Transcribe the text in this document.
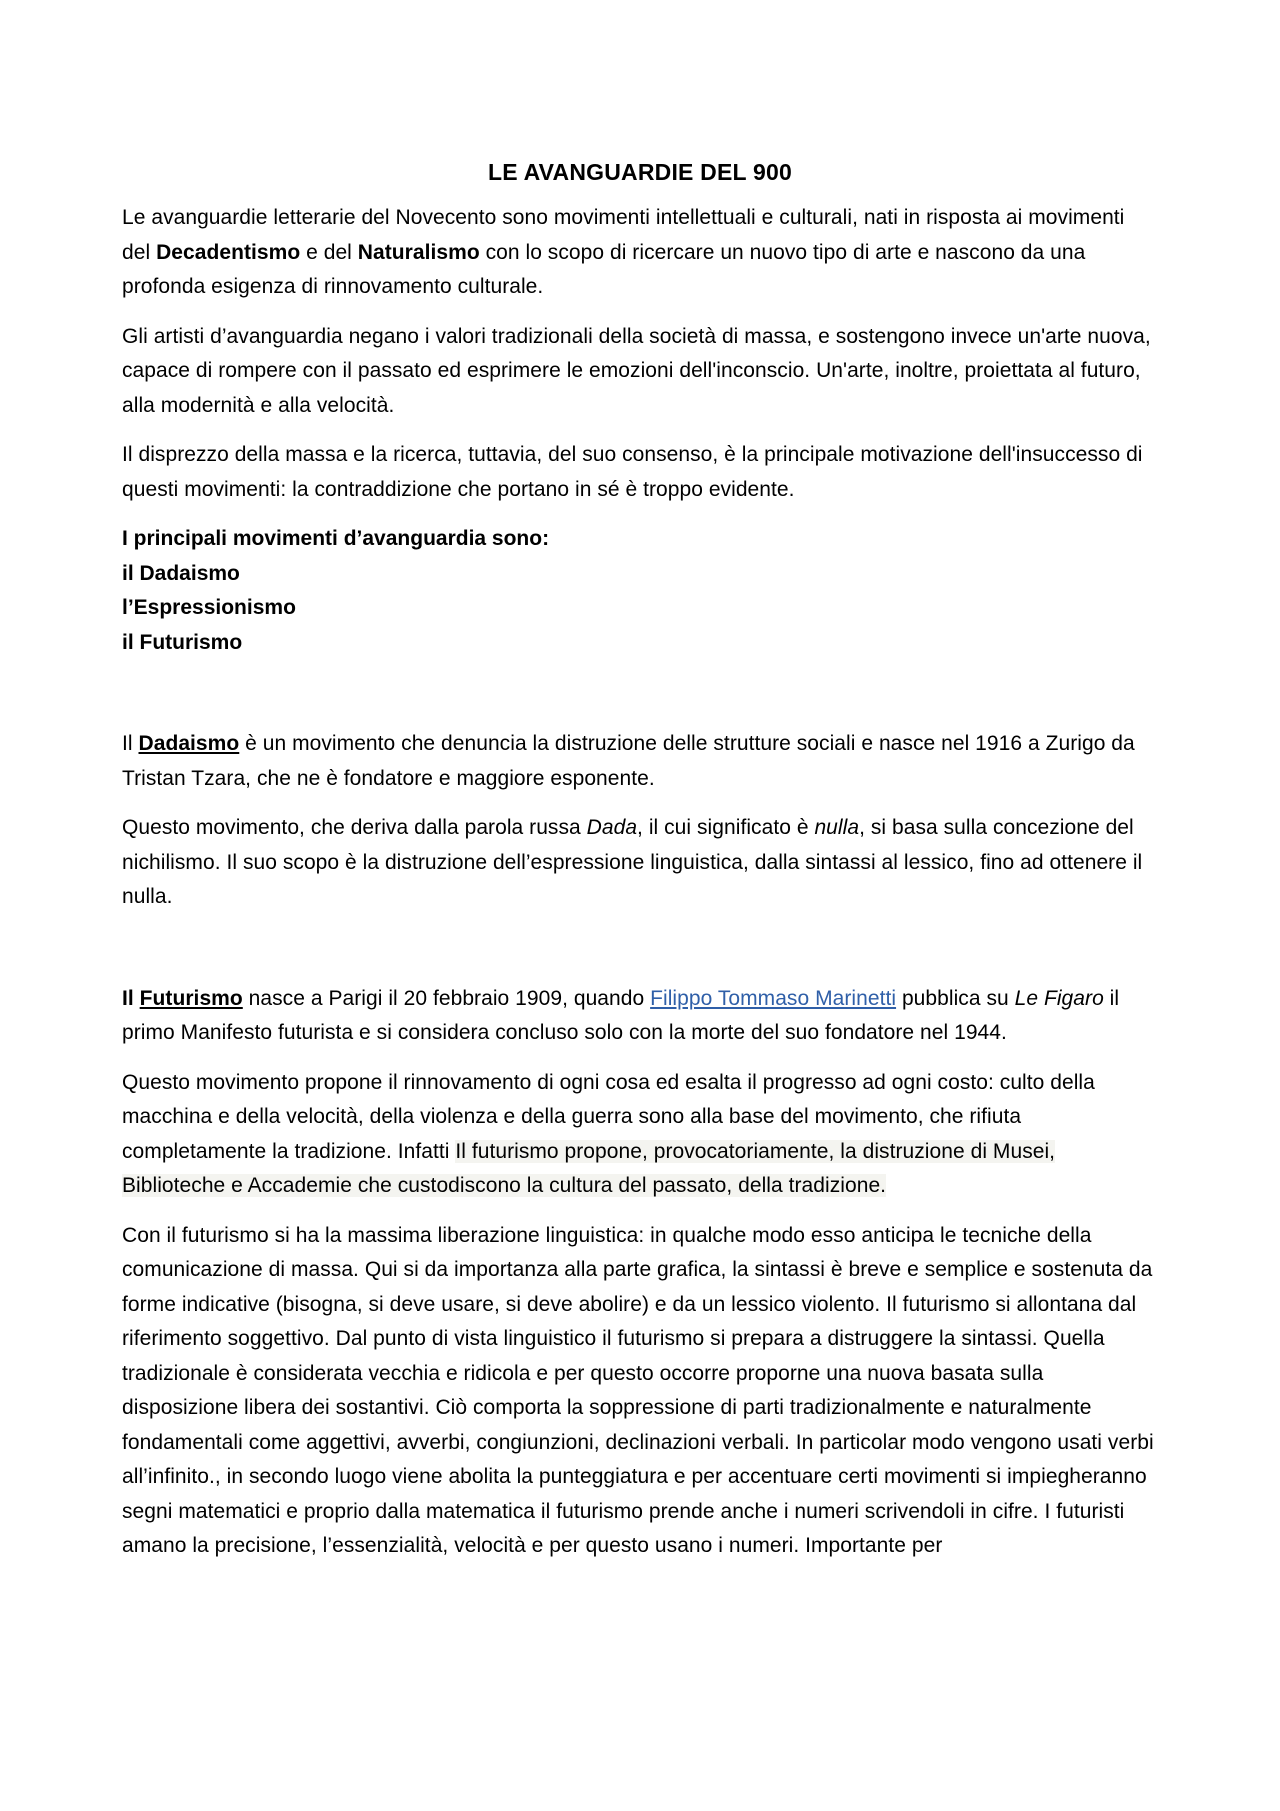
LE AVANGUARDIE DEL 900

Le avanguardie letterarie del Novecento sono movimenti intellettuali e culturali, nati in risposta ai movimenti del Decadentismo e del Naturalismo con lo scopo di ricercare un nuovo tipo di arte e nascono da una profonda esigenza di rinnovamento culturale.

Gli artisti d’avanguardia negano i valori tradizionali della società di massa, e sostengono invece un'arte nuova, capace di rompere con il passato ed esprimere le emozioni dell'inconscio. Un'arte, inoltre, proiettata al futuro, alla modernità e alla velocità.

Il disprezzo della massa e la ricerca, tuttavia, del suo consenso, è la principale motivazione dell'insuccesso di questi movimenti: la contraddizione che portano in sé è troppo evidente.

I principali movimenti d’avanguardia sono:
il Dadaismo
l’Espressionismo
il Futurismo

Il Dadaismo è un movimento che denuncia la distruzione delle strutture sociali e nasce nel 1916 a Zurigo da Tristan Tzara, che ne è fondatore e maggiore esponente.

Questo movimento, che deriva dalla parola russa Dada, il cui significato è nulla, si basa sulla concezione del nichilismo. Il suo scopo è la distruzione dell’espressione linguistica, dalla sintassi al lessico, fino ad ottenere il nulla.

Il Futurismo nasce a Parigi il 20 febbraio 1909, quando Filippo Tommaso Marinetti pubblica su Le Figaro il primo Manifesto futurista e si considera concluso solo con la morte del suo fondatore nel 1944.

Questo movimento propone il rinnovamento di ogni cosa ed esalta il progresso ad ogni costo: culto della macchina e della velocità, della violenza e della guerra sono alla base del movimento, che rifiuta completamente la tradizione. Infatti Il futurismo propone, provocatoriamente, la distruzione di Musei, Biblioteche e Accademie che custodiscono la cultura del passato, della tradizione.

Con il futurismo si ha la massima liberazione linguistica: in qualche modo esso anticipa le tecniche della comunicazione di massa. Qui si da importanza alla parte grafica, la sintassi è breve e semplice e sostenuta da forme indicative (bisogna, si deve usare, si deve abolire) e da un lessico violento. Il futurismo si allontana dal riferimento soggettivo. Dal punto di vista linguistico il futurismo si prepara a distruggere la sintassi. Quella tradizionale è considerata vecchia e ridicola e per questo occorre proporne una nuova basata sulla disposizione libera dei sostantivi. Ciò comporta la soppressione di parti tradizionalmente e naturalmente fondamentali come aggettivi, avverbi, congiunzioni, declinazioni verbali. In particolar modo vengono usati verbi all’infinito., in secondo luogo viene abolita la punteggiatura e per accentuare certi movimenti si impiegheranno segni matematici e proprio dalla matematica il futurismo prende anche i numeri scrivendoli in cifre. I futuristi amano la precisione, l’essenzialità, velocità e per questo usano i numeri. Importante per
